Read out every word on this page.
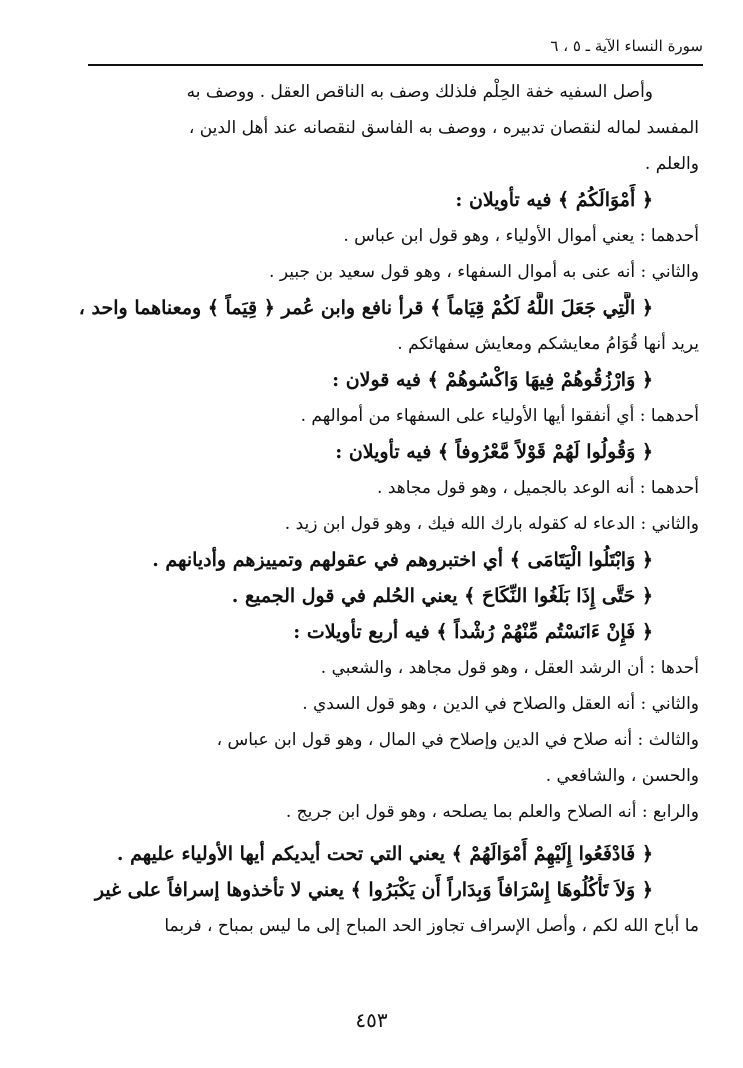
سورة النساء الآية ـ ٥ ، ٦
وأصل السفيه خفة الحِلْم فلذلك وصف به الناقص العقل . ووصف به
المفسد لماله لنقصان تدبيره ، ووصف به الفاسق لنقصانه عند أهل الدين ،
والعلم .
﴿ أَمْوَالَكُمُ ﴾ فيه تأويلان :
أحدهما : يعني أموال الأولياء ، وهو قول ابن عباس .
والثاني : أنه عنى به أموال السفهاء ، وهو قول سعيد بن جبير .
﴿ الَّتِي جَعَلَ اللَّهُ لَكُمْ قِيَاماً ﴾ قرأ نافع وابن عُمر ﴿ قِيَماً ﴾ ومعناهما واحد ،
يريد أنها قُوَامُ معايشكم ومعايش سفهائكم .
﴿ وَارْزُقُوهُمْ فِيهَا وَاكْسُوهُمْ ﴾ فيه قولان :
أحدهما : أي أنفقوا أيها الأولياء على السفهاء من أموالهم .
﴿ وَقُولُوا لَهُمْ قَوْلاً مَّعْرُوفاً ﴾ فيه تأويلان :
أحدهما : أنه الوعد بالجميل ، وهو قول مجاهد .
والثاني : الدعاء له كقوله بارك الله فيك ، وهو قول ابن زيد .
﴿ وَابْتَلُوا الْيَتَامَى ﴾ أي اختبروهم في عقولهم وتمييزهم وأديانهم .
﴿ حَتَّى إِذَا بَلَغُوا النِّكَاحَ ﴾ يعني الحُلم في قول الجميع .
﴿ فَإِنْ ءَانَسْتُم مِّنْهُمْ رُشْداً ﴾ فيه أربع تأويلات :
أحدها : أن الرشد العقل ، وهو قول مجاهد ، والشعبي .
والثاني : أنه العقل والصلاح في الدين ، وهو قول السدي .
والثالث : أنه صلاح في الدين وإصلاح في المال ، وهو قول ابن عباس ،
والحسن ، والشافعي .
والرابع : أنه الصلاح والعلم بما يصلحه ، وهو قول ابن جريج .
﴿ فَادْفَعُوا إِلَيْهِمْ أَمْوَالَهُمْ ﴾ يعني التي تحت أيديكم أيها الأولياء عليهم .
﴿ وَلاَ تَأْكُلُوهَا إِسْرَافاً وَبِدَاراً أَن يَكْبَرُوا ﴾ يعني لا تأخذوها إسرافاً على غير
ما أباح الله لكم ، وأصل الإسراف تجاوز الحد المباح إلى ما ليس بمباح ، فربما
٤٥٣
